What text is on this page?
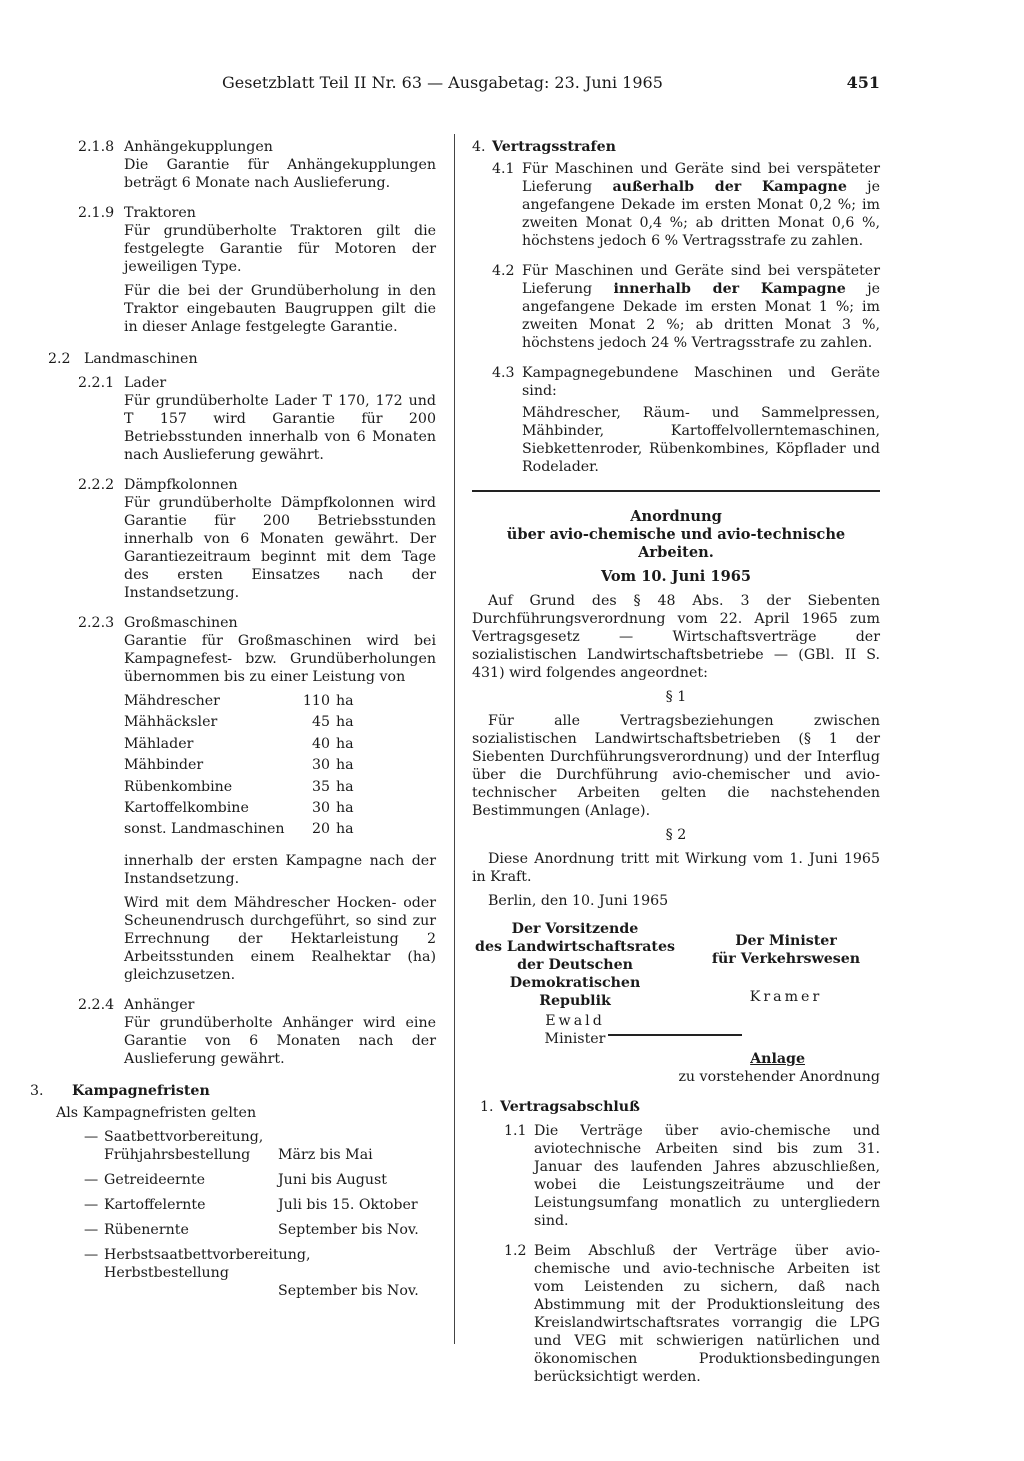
Gesetzblatt Teil II Nr. 63 — Ausgabetag: 23. Juni 1965	451
2.1.8 Anhängekupplungen

Die Garantie für Anhängekupplungen beträgt 6 Monate nach Auslieferung.

2.1.9 Traktoren

Für grundüberholte Traktoren gilt die festgelegte Garantie für Motoren der jeweiligen Type.

Für die bei der Grundüberholung in den Traktor eingebauten Baugruppen gilt die in dieser Anlage festgelegte Garantie.

2.2 Landmaschinen
2.2.1 Lader

Für grundüberholte Lader T 170, 172 und T 157 wird Garantie für 200 Betriebsstunden innerhalb von 6 Monaten nach Auslieferung gewährt.

2.2.2 Dämpfkolonnen

Für grundüberholte Dämpfkolonnen wird Garantie für 200 Betriebsstunden innerhalb von 6 Monaten gewährt. Der Garantiezeitraum beginnt mit dem Tage des ersten Einsatzes nach der Instandsetzung.

2.2.3 Großmaschinen

Garantie für Großmaschinen wird bei Kampagnefest- bzw. Grundüberholungen übernommen bis zu einer Leistung von

Mähdrescher	110	ha
Mähhäcksler	45	ha
Mählader	40	ha
Mähbinder	30	ha
Rübenkombine	35	ha
Kartoffelkombine	30	ha
sonst. Landmaschinen	20	ha

innerhalb der ersten Kampagne nach der Instandsetzung.

Wird mit dem Mähdrescher Hocken- oder Scheunendrusch durchgeführt, so sind zur Errechnung der Hektarleistung 2 Arbeitsstunden einem Realhektar (ha) gleichzusetzen.

2.2.4 Anhänger

Für grundüberholte Anhänger wird eine Garantie von 6 Monaten nach der Auslieferung gewährt.

3.	Kampagnefristen
Als Kampagnefristen gelten
— Saatbettvorbereitung, Frühjahrsbestellung	März bis Mai
— Getreideernte	Juni bis August
— Kartoffelernte	Juli bis 15. Oktober
— Rübenernte	September bis Nov.
— Herbstsaatbettvorbereitung, Herbstbestellung
September bis Nov.
4. Vertragsstrafen
4.1 Für Maschinen und Geräte sind bei verspäteter Lieferung außerhalb der Kampagne je angefangene Dekade im ersten Monat 0,2 %; im zweiten Monat 0,4 %; ab dritten Monat 0,6 %, höchstens jedoch 6 % Vertragsstrafe zu zahlen.

4.2 Für Maschinen und Geräte sind bei verspäteter Lieferung innerhalb der Kampagne je angefangene Dekade im ersten Monat 1 %; im zweiten Monat 2 %; ab dritten Monat 3 %, höchstens jedoch 24 % Vertragsstrafe zu zahlen.

4.3 Kampagnegebundene Maschinen und Geräte sind:

Mähdrescher, Räum- und Sammelpressen, Mähbinder, Kartoffelvollerntemaschinen, Siebkettenroder, Rübenkombines, Köpflader und Rodelader.

Anordnung
über avio-chemische und avio-technische Arbeiten.
Vom 10. Juni 1965

Auf Grund des § 48 Abs. 3 der Siebenten Durchführungsverordnung vom 22. April 1965 zum Vertragsgesetz — Wirtschaftsverträge der sozialistischen Landwirtschaftsbetriebe — (GBl. II S. 431) wird folgendes angeordnet:

§ 1

Für alle Vertragsbeziehungen zwischen sozialistischen Landwirtschaftsbetrieben (§ 1 der Siebenten Durchführungsverordnung) und der Interflug über die Durchführung avio-chemischer und avio-technischer Arbeiten gelten die nachstehenden Bestimmungen (Anlage).

§ 2

Diese Anordnung tritt mit Wirkung vom 1. Juni 1965 in Kraft.

Berlin, den 10. Juni 1965
Der Vorsitzende
des Landwirtschaftsrates
der Deutschen
Demokratischen Republik
Ewald
Minister
Der Minister
für Verkehrswesen
Kramer
Anlage
zu vorstehender Anordnung
1. Vertragsabschluß
1.1 Die Verträge über avio-chemische und aviotechnische Arbeiten sind bis zum 31. Januar des laufenden Jahres abzuschließen, wobei die Leistungszeiträume und der Leistungsumfang monatlich zu untergliedern sind.

1.2 Beim Abschluß der Verträge über avio-chemische und avio-technische Arbeiten ist vom Leistenden zu sichern, daß nach Abstimmung mit der Produktionsleitung des Kreislandwirtschaftsrates vorrangig die LPG und VEG mit schwierigen natürlichen und ökonomischen Produktionsbedingungen berücksichtigt werden.
